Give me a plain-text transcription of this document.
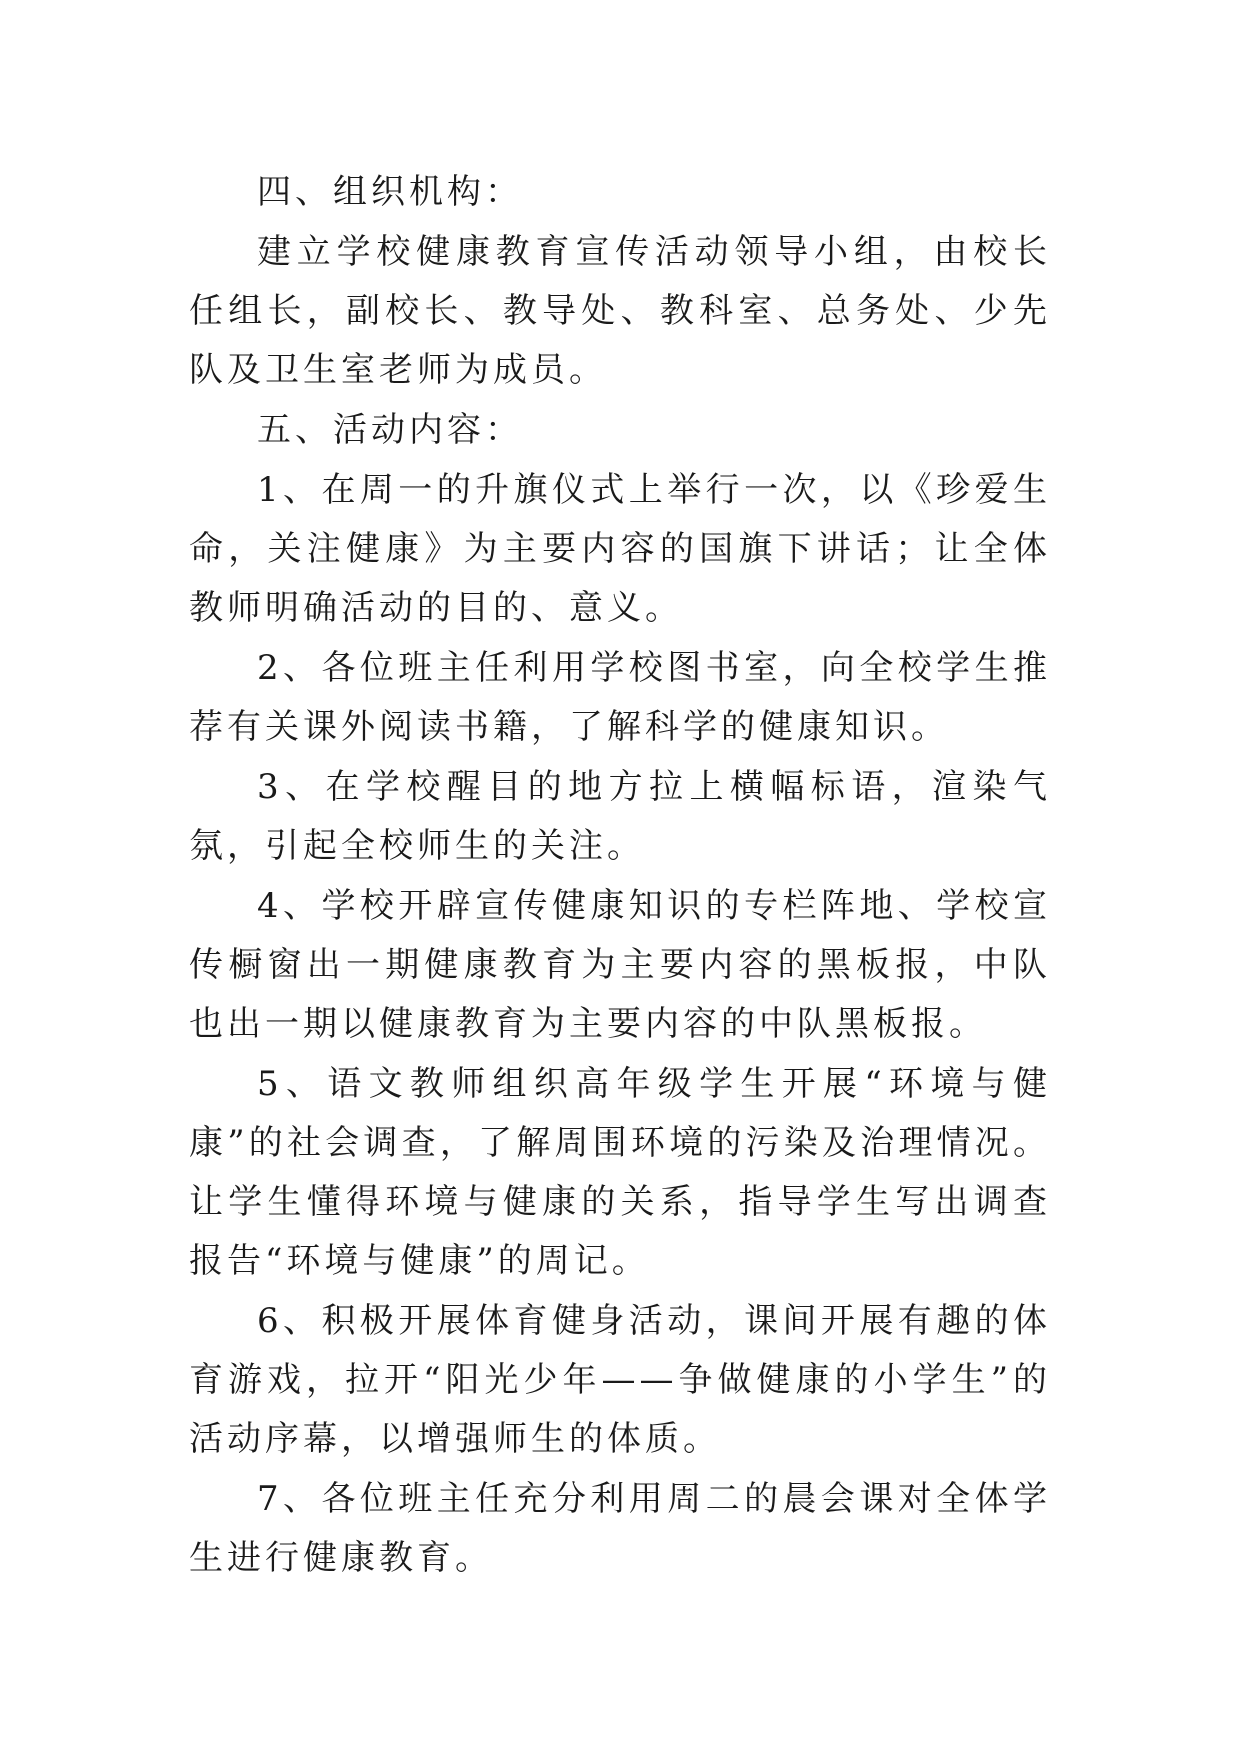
四、组织机构：

建立学校健康教育宣传活动领导小组，由校长任组长，副校长、教导处、教科室、总务处、少先队及卫生室老师为成员。

五、活动内容：

1、在周一的升旗仪式上举行一次，以《珍爱生命，关注健康》为主要内容的国旗下讲话；让全体教师明确活动的目的、意义。

2、各位班主任利用学校图书室，向全校学生推荐有关课外阅读书籍，了解科学的健康知识。

3、在学校醒目的地方拉上横幅标语，渲染气氛，引起全校师生的关注。

4、学校开辟宣传健康知识的专栏阵地、学校宣传橱窗出一期健康教育为主要内容的黑板报，中队也出一期以健康教育为主要内容的中队黑板报。

5、语文教师组织高年级学生开展“环境与健康”的社会调查，了解周围环境的污染及治理情况。让学生懂得环境与健康的关系，指导学生写出调查报告“环境与健康”的周记。

6、积极开展体育健身活动，课间开展有趣的体育游戏，拉开“阳光少年——争做健康的小学生”的活动序幕，以增强师生的体质。

7、各位班主任充分利用周二的晨会课对全体学生进行健康教育。
